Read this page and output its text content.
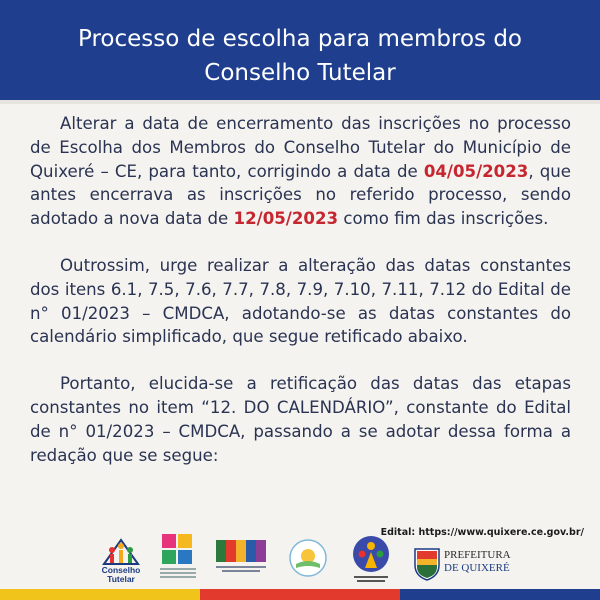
Processo de escolha para membros do
Conselho Tutelar

Alterar a data de encerramento das inscrições no processo de Escolha dos Membros do Conselho Tutelar do Município de Quixeré – CE, para tanto, corrigindo a data de 04/05/2023, que antes encerrava as inscrições no referido processo, sendo adotado a nova data de 12/05/2023 como fim das inscrições.

Outrossim, urge realizar a alteração das datas constantes dos itens 6.1, 7.5, 7.6, 7.7, 7.8, 7.9, 7.10, 7.11, 7.12 do Edital de n° 01/2023 – CMDCA, adotando-se as datas constantes do calendário simplificado, que segue retificado abaixo.

Portanto, elucida-se a retificação das datas das etapas constantes no item “12. DO CALENDÁRIO”, constante do Edital de n° 01/2023 – CMDCA, passando a se adotar dessa forma a redação que se segue:

Edital: https://www.quixere.ce.gov.br/
Conselho
Tutelar
PREFEITURA
DE QUIXERÉ
